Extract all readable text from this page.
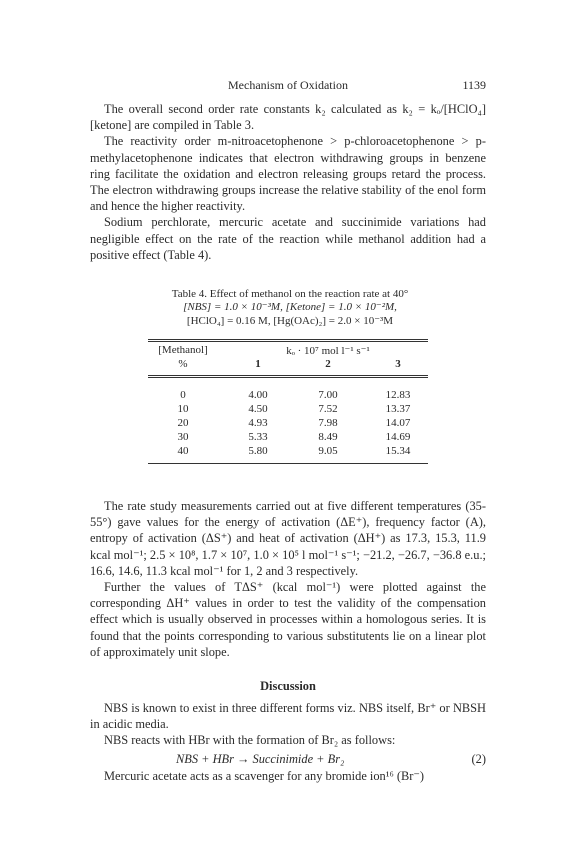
Mechanism of Oxidation	1139

The overall second order rate constants k₂ calculated as k₂ = kₒ/[HClO₄][ketone] are compiled in Table 3.

The reactivity order m-nitroacetophenone > p-chloroacetophenone > p-methylacetophenone indicates that electron withdrawing groups in benzene ring facilitate the oxidation and electron releasing groups retard the process. The electron withdrawing groups increase the relative stability of the enol form and hence the higher reactivity.

Sodium perchlorate, mercuric acetate and succinimide variations had negligible effect on the rate of the reaction while methanol addition had a positive effect (Table 4).

Table 4. Effect of methanol on the reaction rate at 40°
[NBS] = 1.0 × 10⁻³M, [Ketone] = 1.0 × 10⁻²M,
[HClO₄] = 0.16 M, [Hg(OAc)₂] = 2.0 × 10⁻³M
[Methanol]
%
kₒ · 10⁷ mol l⁻¹ s⁻¹
1	2	3
0	4.00	7.00	12.83
10	4.50	7.52	13.37
20	4.93	7.98	14.07
30	5.33	8.49	14.69
40	5.80	9.05	15.34

The rate study measurements carried out at five different temperatures (35-55°) gave values for the energy of activation (ΔE⁺), frequency factor (A), entropy of activation (ΔS⁺) and heat of activation (ΔH⁺) as 17.3, 15.3, 11.9 kcal mol⁻¹; 2.5 × 10⁸, 1.7 × 10⁷, 1.0 × 10⁵ l mol⁻¹ s⁻¹; −21.2, −26.7, −36.8 e.u.; 16.6, 14.6, 11.3 kcal mol⁻¹ for 1, 2 and 3 respectively.

Further the values of TΔS⁺ (kcal mol⁻¹) were plotted against the corresponding ΔH⁺ values in order to test the validity of the compensation effect which is usually observed in processes within a homologous series. It is found that the points corresponding to various substitutents lie on a linear plot of approximately unit slope.

Discussion

NBS is known to exist in three different forms viz. NBS itself, Br⁺ or NBSH in acidic media.

NBS reacts with HBr with the formation of Br₂ as follows:

NBS + HBr → Succinimide + Br₂	(2)

Mercuric acetate acts as a scavenger for any bromide ion¹⁶ (Br⁻)
